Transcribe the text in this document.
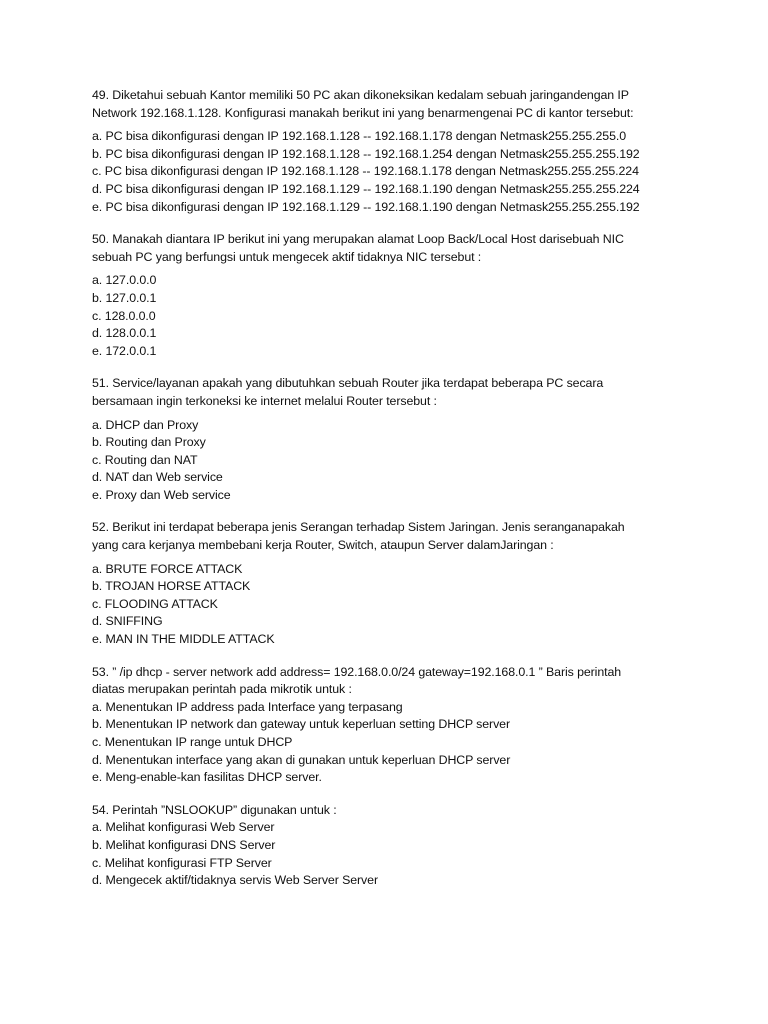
49. Diketahui sebuah Kantor memiliki 50 PC akan dikoneksikan kedalam sebuah jaringandengan IP

Network 192.168.1.128. Konfigurasi manakah berikut ini yang benarmengenai PC di kantor tersebut:

a. PC bisa dikonfigurasi dengan IP 192.168.1.128 -- 192.168.1.178 dengan Netmask255.255.255.0
b. PC bisa dikonfigurasi dengan IP 192.168.1.128 -- 192.168.1.254 dengan Netmask255.255.255.192
c. PC bisa dikonfigurasi dengan IP 192.168.1.128 -- 192.168.1.178 dengan Netmask255.255.255.224
d. PC bisa dikonfigurasi dengan IP 192.168.1.129 -- 192.168.1.190 dengan Netmask255.255.255.224
e. PC bisa dikonfigurasi dengan IP 192.168.1.129 -- 192.168.1.190 dengan Netmask255.255.255.192

50. Manakah diantara IP berikut ini yang merupakan alamat Loop Back/Local Host darisebuah NIC

sebuah PC yang berfungsi untuk mengecek aktif tidaknya NIC tersebut :

a. 127.0.0.0
b. 127.0.0.1
c. 128.0.0.0
d. 128.0.0.1
e. 172.0.0.1

51. Service/layanan apakah yang dibutuhkan sebuah Router jika terdapat beberapa PC secara

bersamaan ingin terkoneksi ke internet melalui Router tersebut :

a. DHCP dan Proxy
b. Routing dan Proxy
c. Routing dan NAT
d. NAT dan Web service
e. Proxy dan Web service

52. Berikut ini terdapat beberapa jenis Serangan terhadap Sistem Jaringan. Jenis seranganapakah

yang cara kerjanya membebani kerja Router, Switch, ataupun Server dalamJaringan :

a. BRUTE FORCE ATTACK
b. TROJAN HORSE ATTACK
c. FLOODING ATTACK
d. SNIFFING
e. MAN IN THE MIDDLE ATTACK

53. ” /ip dhcp - server network add address= 192.168.0.0/24 gateway=192.168.0.1 ” Baris perintah

diatas merupakan perintah pada mikrotik untuk :

a. Menentukan IP address pada Interface yang terpasang
b. Menentukan IP network dan gateway untuk keperluan setting DHCP server
c. Menentukan IP range untuk DHCP
d. Menentukan interface yang akan di gunakan untuk keperluan DHCP server
e. Meng-enable-kan fasilitas DHCP server.

54. Perintah ”NSLOOKUP” digunakan untuk :

a. Melihat konfigurasi Web Server
b. Melihat konfigurasi DNS Server
c. Melihat konfigurasi FTP Server
d. Mengecek aktif/tidaknya servis Web Server Server
